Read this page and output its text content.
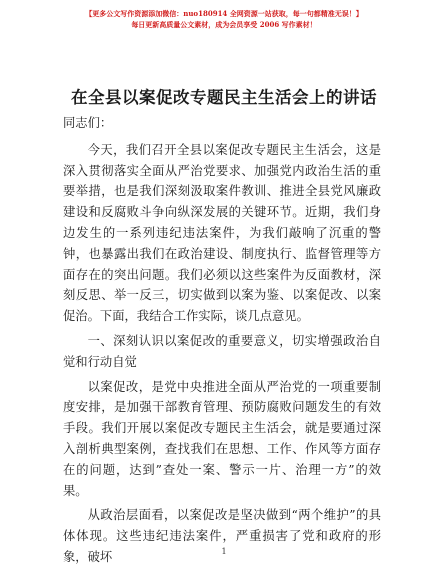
【更多公文写作资源添加微信：nuo180914 全网资源一站获取，每一句都精准无误！】
每日更新高质量公文素材，成为会员享受 2006 写作素材！
在全县以案促改专题民主生活会上的讲话

同志们：

今天，我们召开全县以案促改专题民主生活会，这是深入贯彻落实全面从严治党要求、加强党内政治生活的重要举措，也是我们深刻汲取案件教训、推进全县党风廉政建设和反腐败斗争向纵深发展的关键环节。近期，我们身边发生的一系列违纪违法案件，为我们敲响了沉重的警钟，也暴露出我们在政治建设、制度执行、监督管理等方面存在的突出问题。我们必须以这些案件为反面教材，深刻反思、举一反三，切实做到以案为鉴、以案促改、以案促治。下面，我结合工作实际，谈几点意见。

一、深刻认识以案促改的重要意义，切实增强政治自觉和行动自觉

以案促改，是党中央推进全面从严治党的一项重要制度安排，是加强干部教育管理、预防腐败问题发生的有效手段。我们开展以案促改专题民主生活会，就是要通过深入剖析典型案例，查找我们在思想、工作、作风等方面存在的问题，达到”查处一案、警示一片、治理一方”的效果。

从政治层面看，以案促改是坚决做到“两个维护”的具体体现。这些违纪违法案件，严重损害了党和政府的形象，破坏	1
